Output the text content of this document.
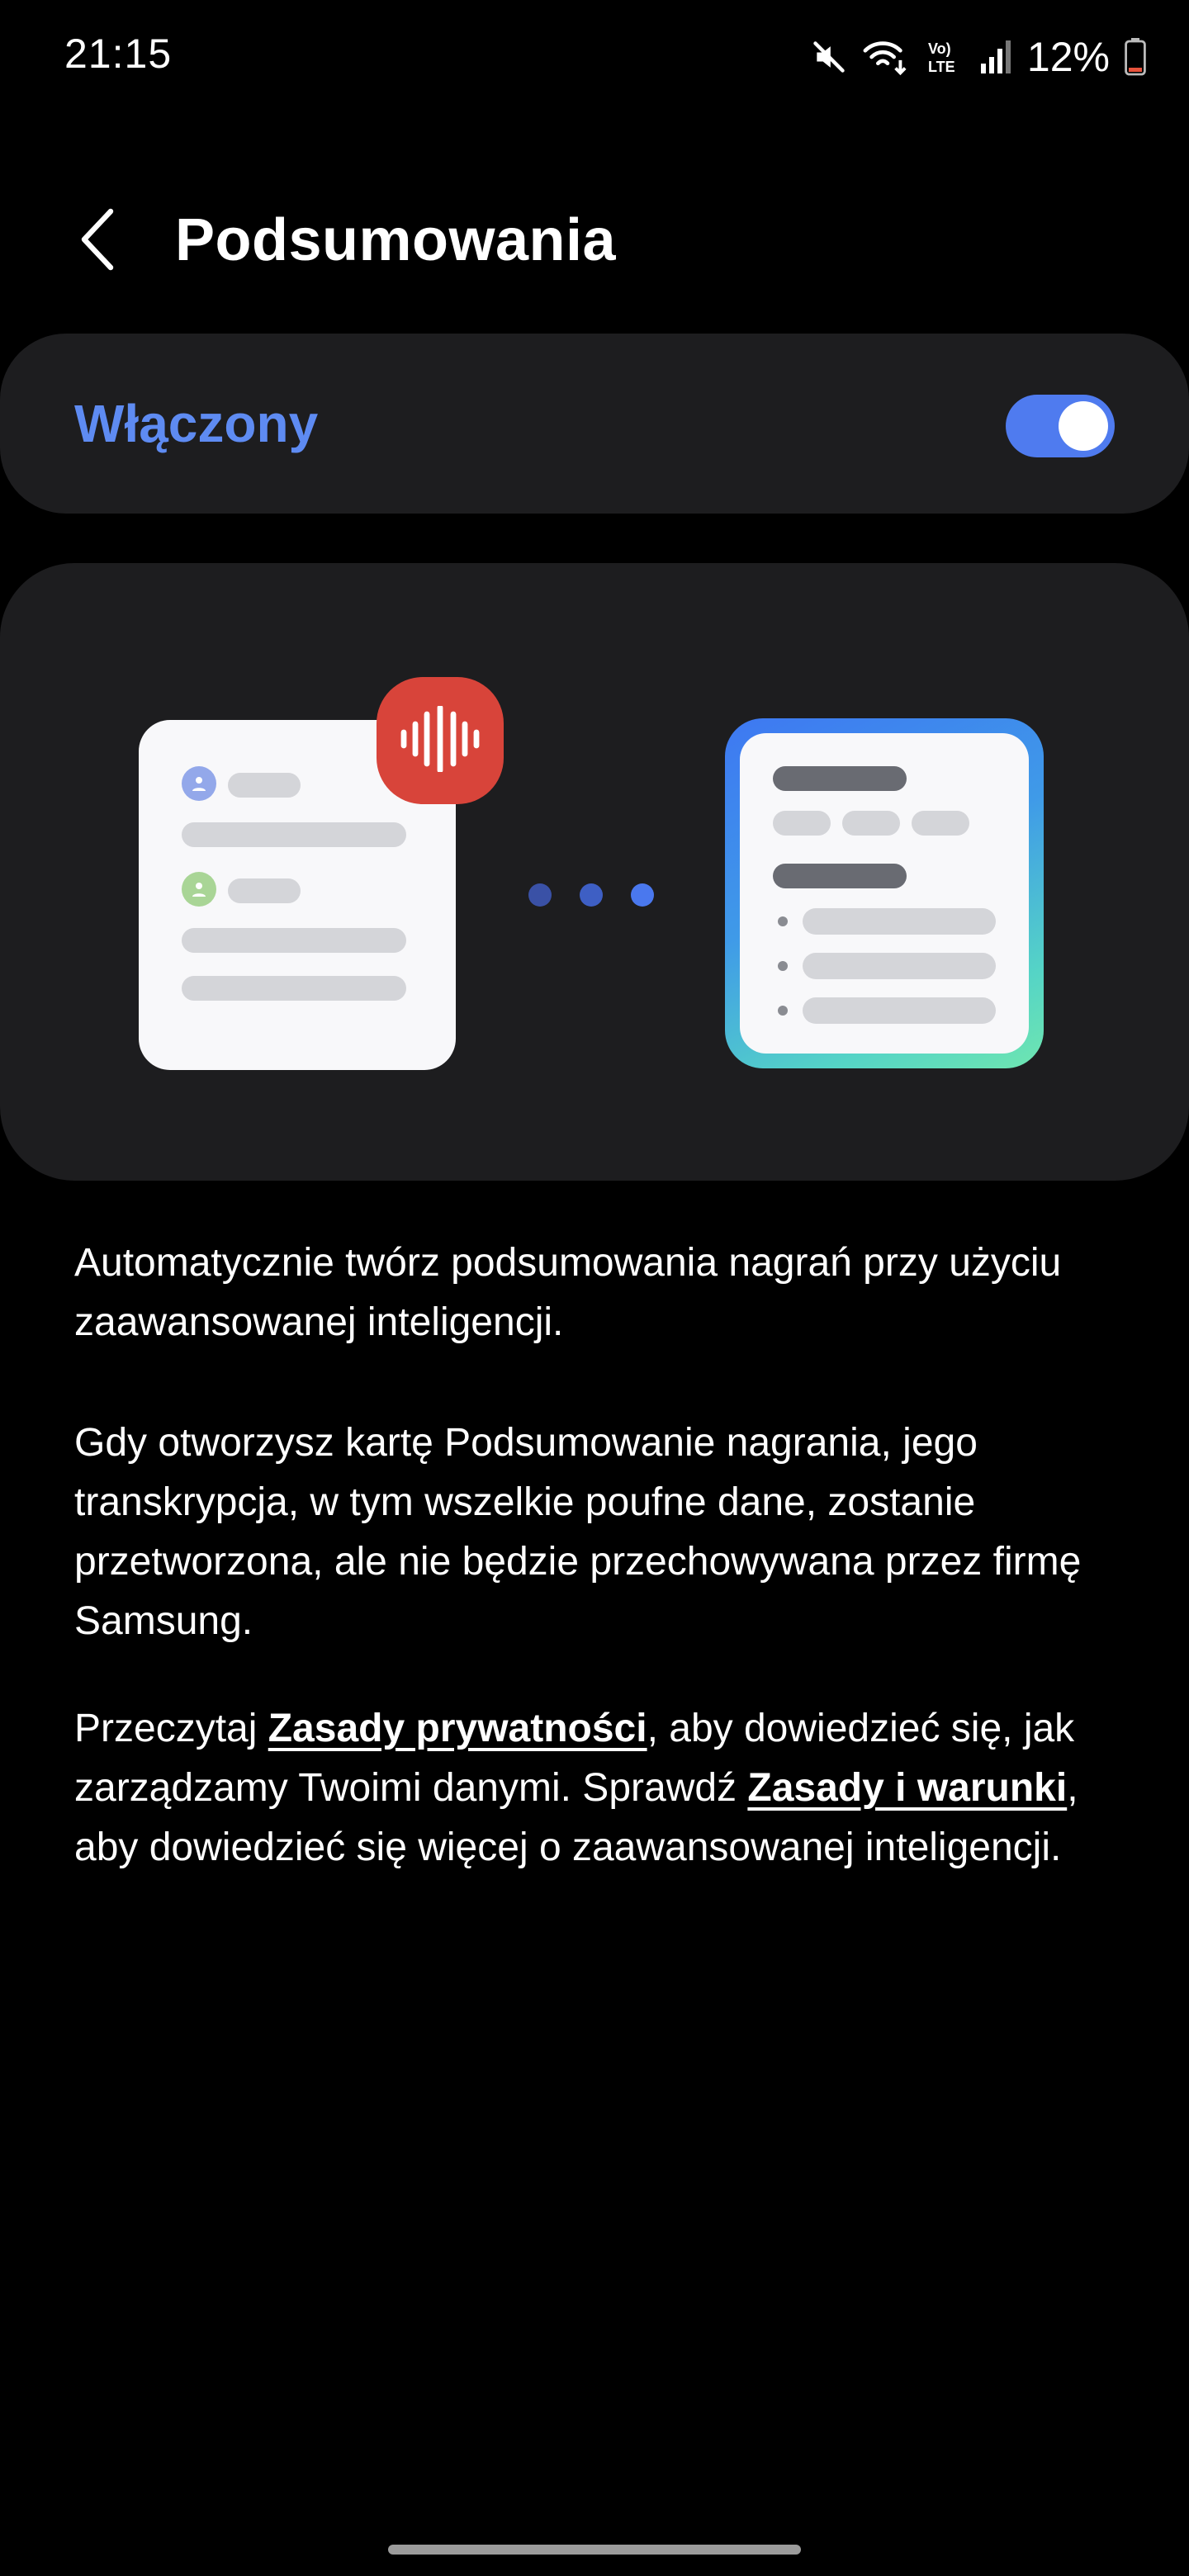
21:15	Vo)
LTE 12%
Podsumowania
Włączony

Automatycznie twórz podsumowania nagrań przy użyciu zaawansowanej inteligencji.

Gdy otworzysz kartę Podsumowanie nagrania, jego transkrypcja, w tym wszelkie poufne dane, zostanie przetworzona, ale nie będzie przechowywana przez firmę Samsung.

Przeczytaj Zasady prywatności, aby dowiedzieć się, jak zarządzamy Twoimi danymi. Sprawdź Zasady i warunki, aby dowiedzieć się więcej o zaawansowanej inteligencji.
